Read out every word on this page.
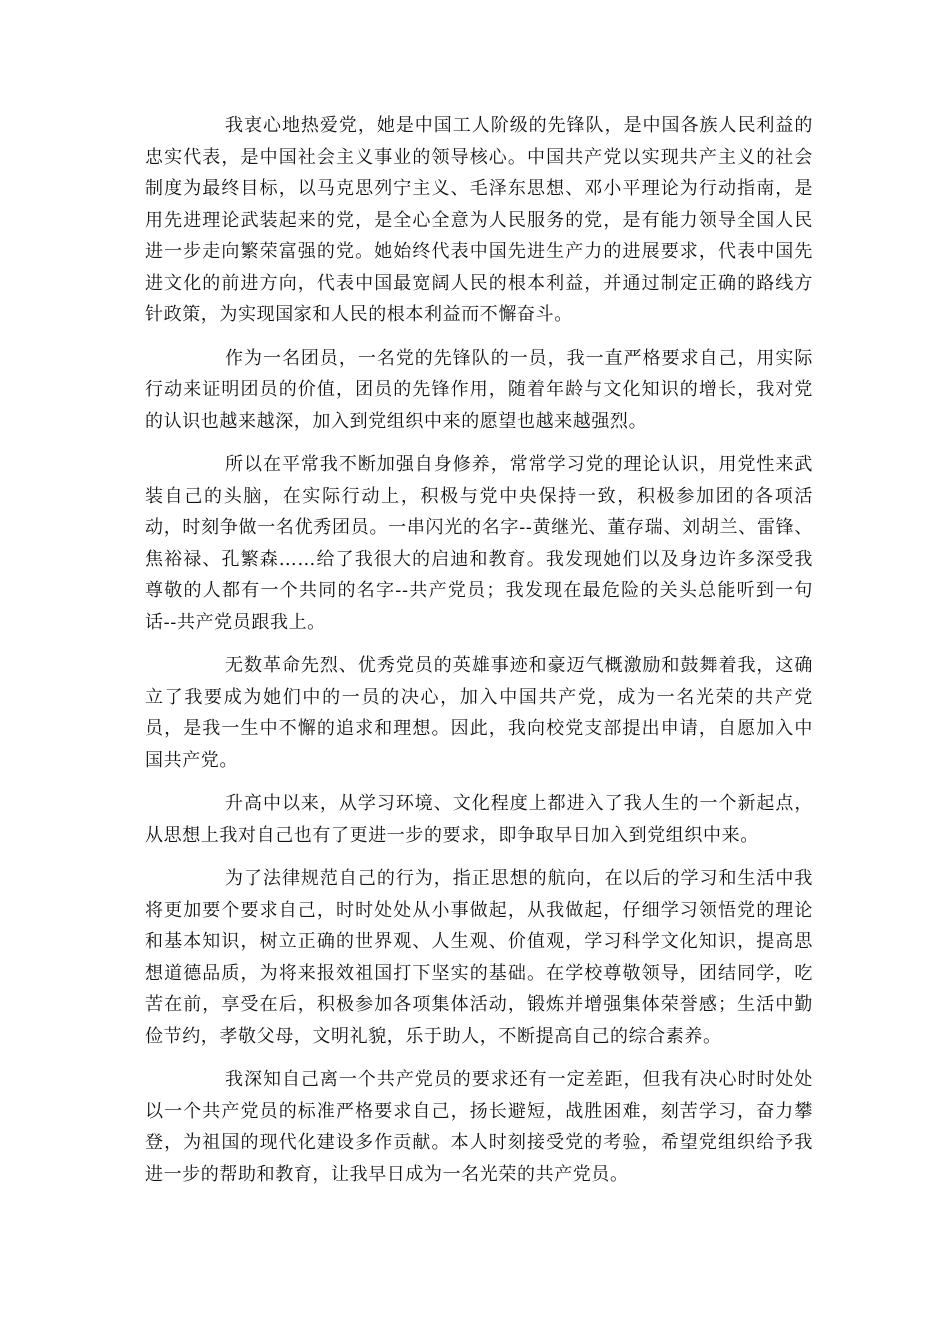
我衷心地热爱党，她是中国工人阶级的先锋队，是中国各族人民利益的忠实代表，是中国社会主义事业的领导核心。中国共产党以实现共产主义的社会制度为最终目标，以马克思列宁主义、毛泽东思想、邓小平理论为行动指南，是用先进理论武装起来的党，是全心全意为人民服务的党，是有能力领导全国人民进一步走向繁荣富强的党。她始终代表中国先进生产力的进展要求，代表中国先进文化的前进方向，代表中国最宽阔人民的根本利益，并通过制定正确的路线方针政策，为实现国家和人民的根本利益而不懈奋斗。

作为一名团员，一名党的先锋队的一员，我一直严格要求自己，用实际行动来证明团员的价值，团员的先锋作用，随着年龄与文化知识的增长，我对党的认识也越来越深，加入到党组织中来的愿望也越来越强烈。

所以在平常我不断加强自身修养，常常学习党的理论认识，用党性来武装自己的头脑，在实际行动上，积极与党中央保持一致，积极参加团的各项活动，时刻争做一名优秀团员。一串闪光的名字--黄继光、董存瑞、刘胡兰、雷锋、焦裕禄、孔繁森……给了我很大的启迪和教育。我发现她们以及身边许多深受我尊敬的人都有一个共同的名字--共产党员；我发现在最危险的关头总能听到一句话--共产党员跟我上。

无数革命先烈、优秀党员的英雄事迹和豪迈气概激励和鼓舞着我，这确立了我要成为她们中的一员的决心，加入中国共产党，成为一名光荣的共产党员，是我一生中不懈的追求和理想。因此，我向校党支部提出申请，自愿加入中国共产党。

升高中以来，从学习环境、文化程度上都进入了我人生的一个新起点，从思想上我对自己也有了更进一步的要求，即争取早日加入到党组织中来。

为了法律规范自己的行为，指正思想的航向，在以后的学习和生活中我将更加要个要求自己，时时处处从小事做起，从我做起，仔细学习领悟党的理论和基本知识，树立正确的世界观、人生观、价值观，学习科学文化知识，提高思想道德品质，为将来报效祖国打下坚实的基础。在学校尊敬领导，团结同学，吃苦在前，享受在后，积极参加各项集体活动，锻炼并增强集体荣誉感；生活中勤俭节约，孝敬父母，文明礼貌，乐于助人，不断提高自己的综合素养。

我深知自己离一个共产党员的要求还有一定差距，但我有决心时时处处以一个共产党员的标准严格要求自己，扬长避短，战胜困难，刻苦学习，奋力攀登，为祖国的现代化建设多作贡献。本人时刻接受党的考验，希望党组织给予我进一步的帮助和教育，让我早日成为一名光荣的共产党员。
